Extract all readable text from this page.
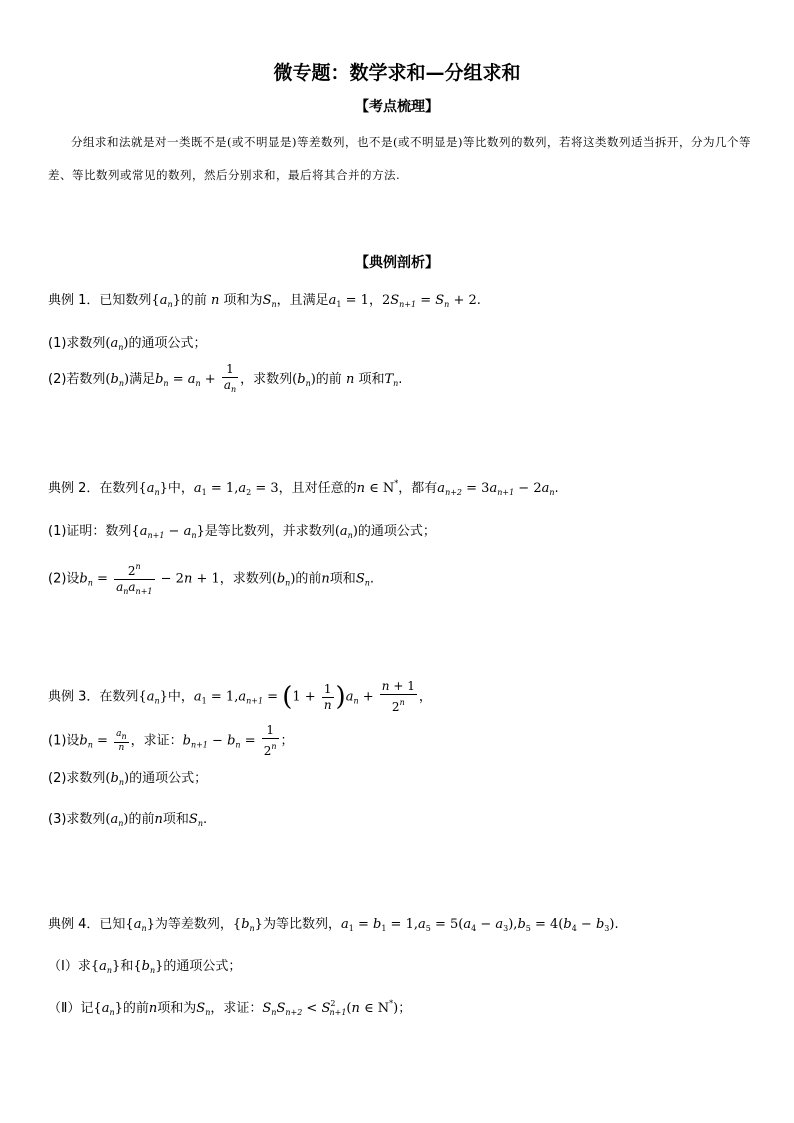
微专题：数学求和—分组求和
【考点梳理】
分组求和法就是对一类既不是(或不明显是)等差数列，也不是(或不明显是)等比数列的数列，若将这类数列适当拆开，分为几个等差、等比数列或常见的数列，然后分别求和，最后将其合并的方法.
【典例剖析】
典例 1．已知数列$\{a_n\}$的前 n 项和为$S_n$，且满足$a_1 = 1$，$2S_{n+1} = S_n + 2$.
(1)求数列$(a_n)$的通项公式；
(2)若数列$(b_n)$满足$b_n = a_n + \frac{1}{a_n}$ ，求数列$(b_n)$的前 n 项和$T_n$.
典例 2．在数列$\{a_n\}$中，$a_1 = 1,a_2 = 3$，且对任意的n ∈ N*，都有$a_{n+2} = 3a_{n+1} - 2a_n$.
(1)证明：数列$\{a_{n+1} - a_n\}$是等比数列，并求数列$(a_n)$的通项公式；
(2)设$b_n = \frac{2^n}{a_na_{n+1}} - 2n + 1$，求数列$(b_n)$的前n项和$S_n$.
典例 3．在数列$\{a_n\}$中，$a_1 = 1,a_{n+1} = (1 + \frac{1}{n} )a_n + \frac{n + 1}{2^n}$ ，
(1)设$b_n = \frac{a_n}{n}$ ，求证：$b_{n+1} - b_n = \frac{1}{2^n}$ ；
(2)求数列$(b_n)$的通项公式；
(3)求数列$(a_n)$的前n项和$S_n$.
典例 4．已知$\{a_n\}$为等差数列，$\{b_n\}$为等比数列，$a_1 = b_1 = 1,a_5 = 5(a_4 - a_3),b_5 = 4(b_4 - b_3)$.
（Ⅰ）求$\{a_n\}$和$\{b_n\}$的通项公式；
（Ⅱ）记$\{a_n\}$的前n项和为$S_n$，求证：$S_nS_{n+2} < S^2_{n+1}(n$ ∈ N*)；
